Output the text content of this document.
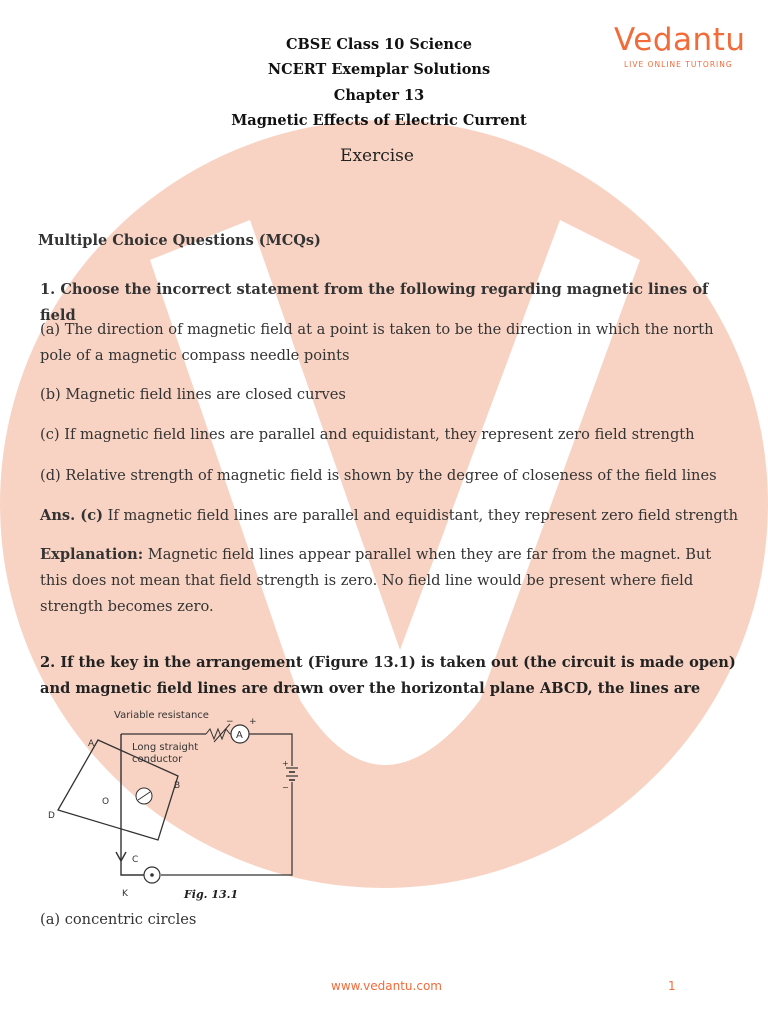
CBSE Class 10 Science
NCERT Exemplar Solutions
Chapter 13
Magnetic Effects of Electric Current
Vedantu
LIVE ONLINE TUTORING
Exercise
Multiple Choice Questions (MCQs)
1. Choose the incorrect statement from the following regarding magnetic lines of field
(a) The direction of magnetic field at a point is taken to be the direction in which the north pole of a magnetic compass needle points
(b) Magnetic field lines are closed curves
(c) If magnetic field lines are parallel and equidistant, they represent zero field strength
(d) Relative strength of magnetic field is shown by the degree of closeness of the field lines
Ans. (c) If magnetic field lines are parallel and equidistant, they represent zero field strength
Explanation: Magnetic field lines appear parallel when they are far from the magnet. But this does not mean that field strength is zero. No field line would be present where field strength becomes zero.
2. If the key in the arrangement (Figure 13.1) is taken out (the circuit is made open) and magnetic field lines are drawn over the horizontal plane ABCD, the lines are
Variable resistance
A
− +
+
−
K
A
B
C
D
O
Long straight
conductor
Fig. 13.1
(a) concentric circles
www.vedantu.com	1
